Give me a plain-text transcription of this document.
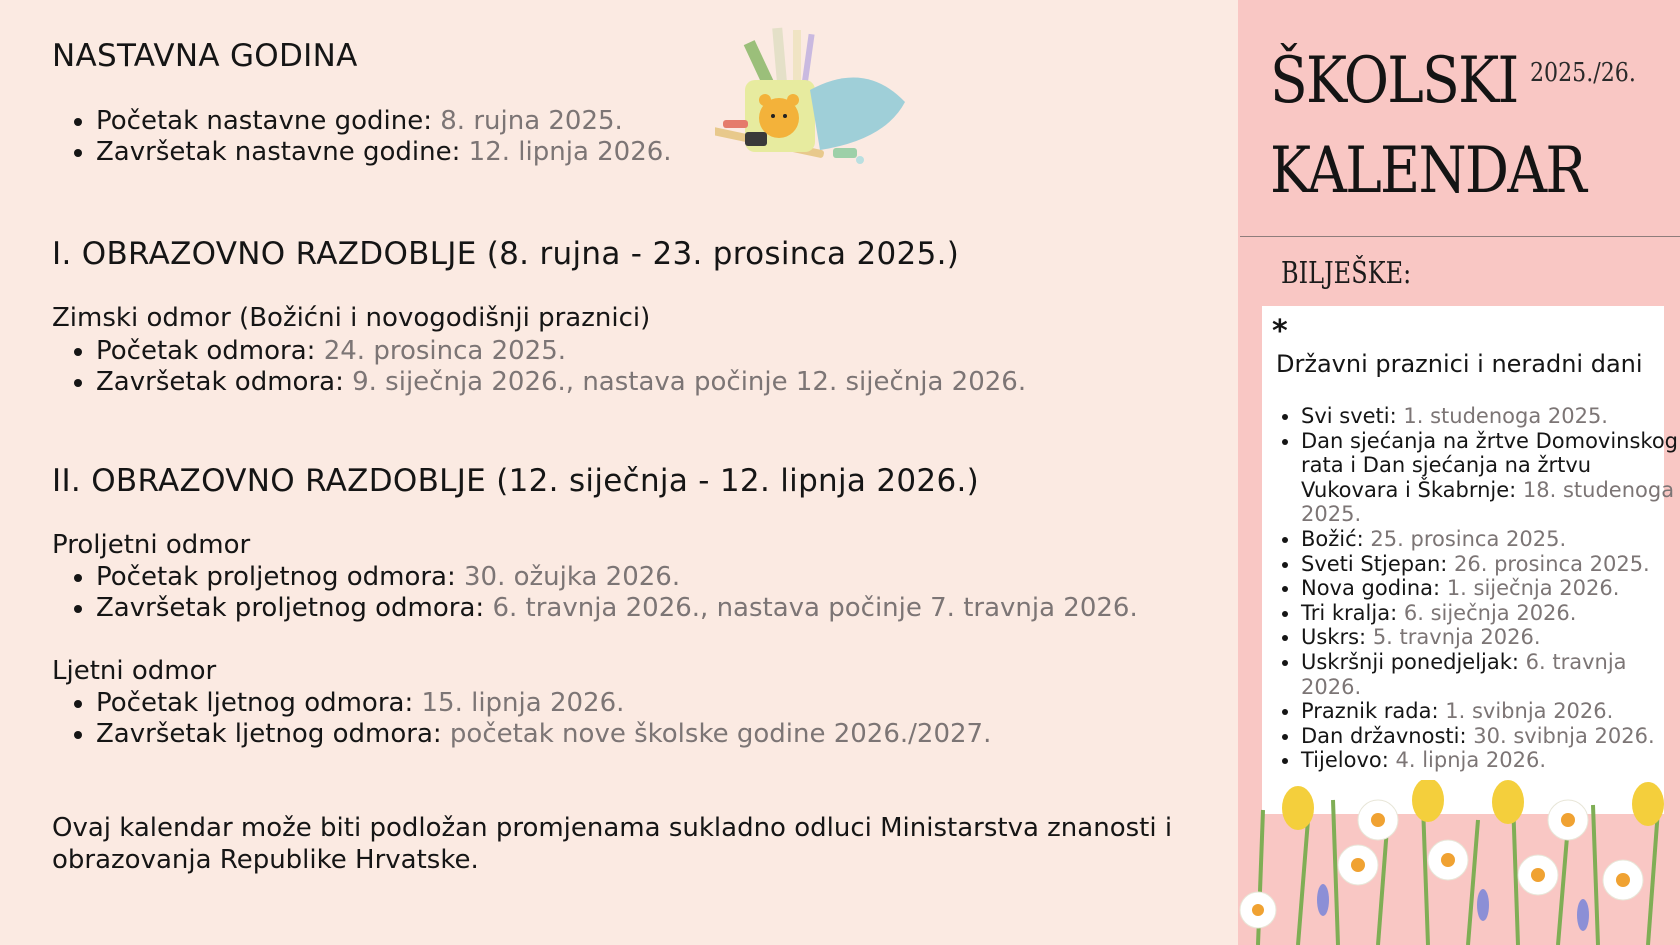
NASTAVNA GODINA
• Početak nastavne godine: 8. rujna 2025.
• Završetak nastavne godine: 12. lipnja 2026.
I. OBRAZOVNO RAZDOBLJE (8. rujna - 23. prosinca 2025.)

Zimski odmor (Božićni i novogodišnji praznici)

• Početak odmora: 24. prosinca 2025.
• Završetak odmora: 9. siječnja 2026., nastava počinje 12. siječnja 2026.
II. OBRAZOVNO RAZDOBLJE (12. siječnja - 12. lipnja 2026.)

Proljetni odmor

• Početak proljetnog odmora: 30. ožujka 2026.
• Završetak proljetnog odmora: 6. travnja 2026., nastava počinje 7. travnja 2026.

Ljetni odmor

• Početak ljetnog odmora: 15. lipnja 2026.
• Završetak ljetnog odmora: početak nove školske godine 2026./2027.

Ovaj kalendar može biti podložan promjenama sukladno odluci Ministarstva znanosti i obrazovanja Republike Hrvatske.

ŠKOLSKI
KALENDAR

2025./26.

BILJEŠKE:

*

Državni praznici i neradni dani

• Svi sveti: 1. studenoga 2025.
• Dan sjećanja na žrtve Domovinskog rata i Dan sjećanja na žrtvu Vukovara i Škabrnje: 18. studenoga 2025.
• Božić: 25. prosinca 2025.
• Sveti Stjepan: 26. prosinca 2025.
• Nova godina: 1. siječnja 2026.
• Tri kralja: 6. siječnja 2026.
• Uskrs: 5. travnja 2026.
• Uskršnji ponedjeljak: 6. travnja 2026.
• Praznik rada: 1. svibnja 2026.
• Dan državnosti: 30. svibnja 2026.
• Tijelovo: 4. lipnja 2026.
